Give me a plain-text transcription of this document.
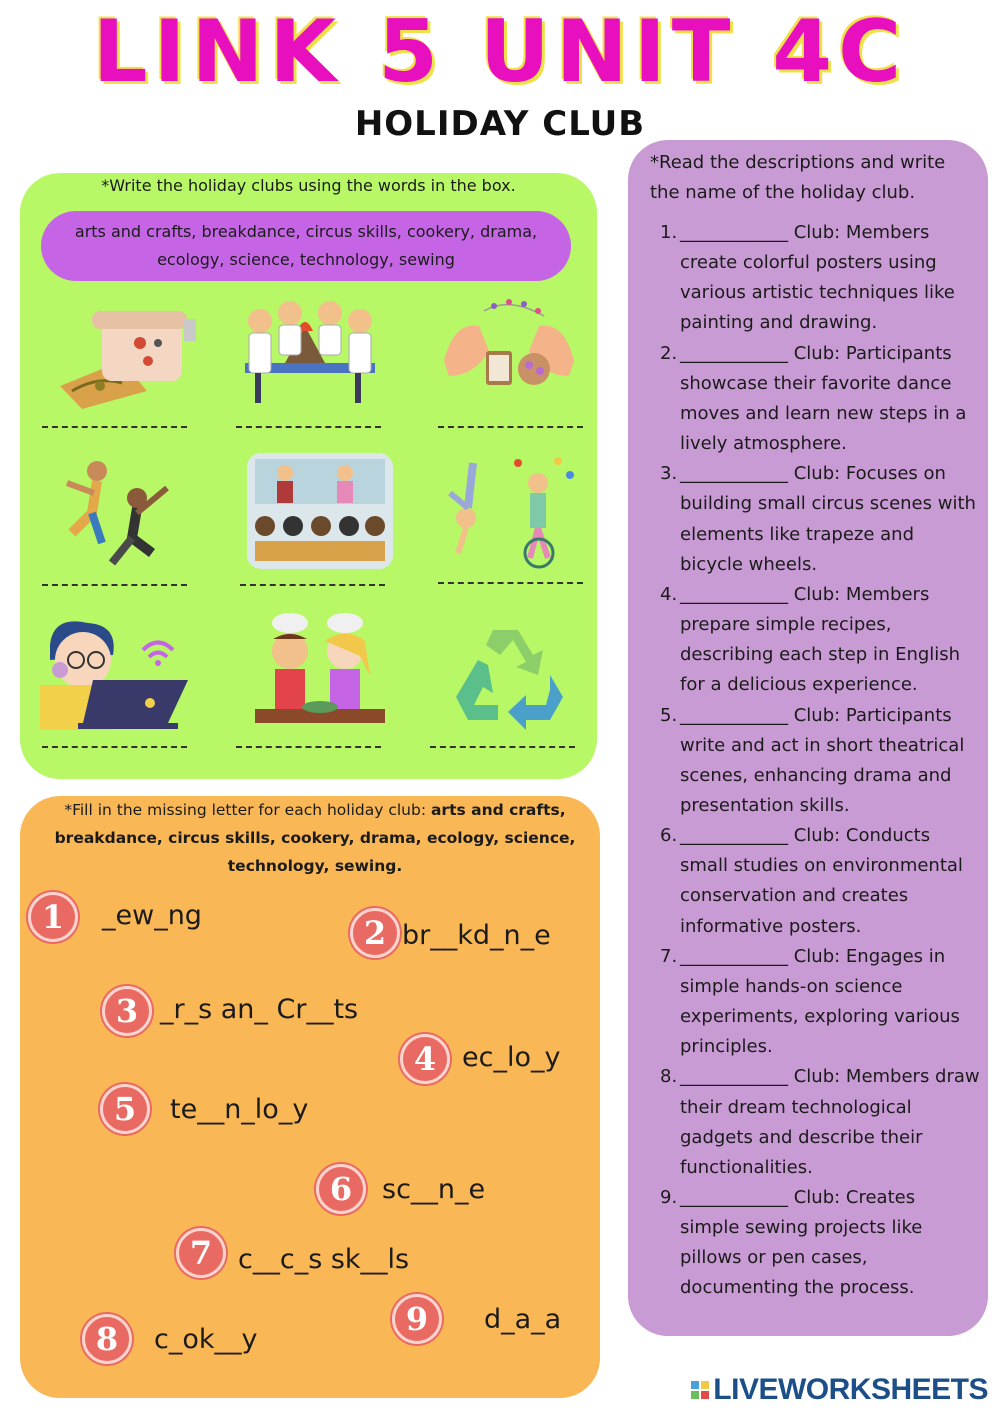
LINK 5 UNIT 4C
HOLIDAY CLUB
*Write the holiday clubs using the words in the box.
arts and crafts, breakdance, circus skills, cookery, drama, ecology, science, technology, sewing
*Fill in the missing letter for each holiday club: arts and crafts, breakdance, circus skills, cookery, drama, ecology, science, technology, sewing.
1	_ew_ng	2 br__kd_n_e
3 _r_s an_ Cr__ts
4 ec_lo_y
5	te__n_lo_y
6	sc__n_e
7 c__c_s sk__ls
8	c_ok__y
9	d_a_a
*Read the descriptions and write the name of the holiday club.
1. ____________ Club: Members create colorful posters using various artistic techniques like painting and drawing.
2. ____________ Club: Participants showcase their favorite dance moves and learn new steps in a lively atmosphere.
3. ____________ Club: Focuses on building small circus scenes with elements like trapeze and bicycle wheels.
4. ____________ Club: Members prepare simple recipes, describing each step in English for a delicious experience.
5. ____________ Club: Participants write and act in short theatrical scenes, enhancing drama and presentation skills.
6. ____________ Club: Conducts small studies on environmental conservation and creates informative posters.
7. ____________ Club: Engages in simple hands-on science experiments, exploring various principles.
8. ____________ Club: Members draw their dream technological gadgets and describe their functionalities.
9. ____________ Club: Creates simple sewing projects like pillows or pen cases, documenting the process.
LIVEWORKSHEETS
